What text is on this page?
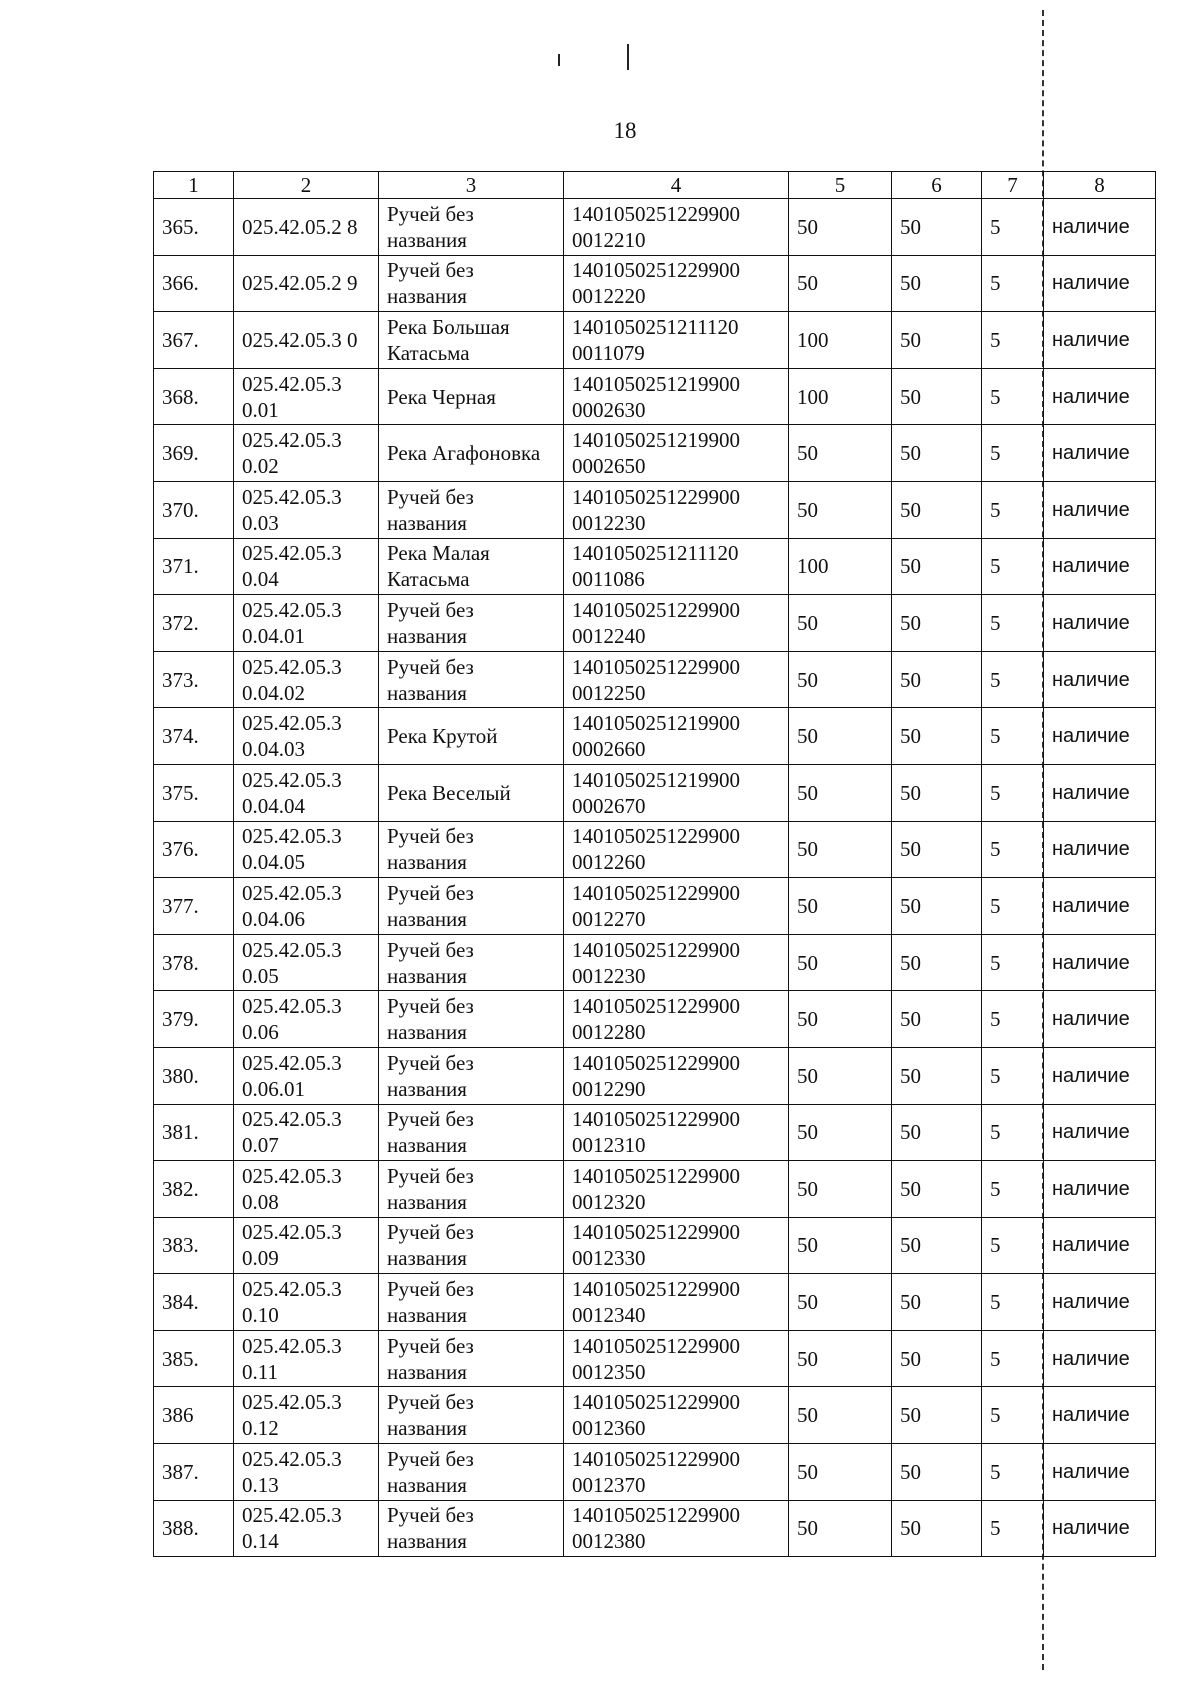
18
1	2	3	4	5	6	7	8
365.	025.42.05.2 8	Ручей без названия	1401050251229900 0012210	50	50	5	наличие
366.	025.42.05.2 9	Ручей без названия	1401050251229900 0012220	50	50	5	наличие
367.	025.42.05.3 0	Река Большая Катасьма	1401050251211120 0011079	100	50	5	наличие
368.	025.42.05.3 0.01	Река Черная	1401050251219900 0002630	100	50	5	наличие
369.	025.42.05.3 0.02	Река Агафоновка	1401050251219900 0002650	50	50	5	наличие
370.	025.42.05.3 0.03	Ручей без названия	1401050251229900 0012230	50	50	5	наличие
371.	025.42.05.3 0.04	Река Малая Катасьма	1401050251211120 0011086	100	50	5	наличие
372.	025.42.05.3 0.04.01	Ручей без названия	1401050251229900 0012240	50	50	5	наличие
373.	025.42.05.3 0.04.02	Ручей без названия	1401050251229900 0012250	50	50	5	наличие
374.	025.42.05.3 0.04.03	Река Крутой	1401050251219900 0002660	50	50	5	наличие
375.	025.42.05.3 0.04.04	Река Веселый	1401050251219900 0002670	50	50	5	наличие
376.	025.42.05.3 0.04.05	Ручей без названия	1401050251229900 0012260	50	50	5	наличие
377.	025.42.05.3 0.04.06	Ручей без названия	1401050251229900 0012270	50	50	5	наличие
378.	025.42.05.3 0.05	Ручей без названия	1401050251229900 0012230	50	50	5	наличие
379.	025.42.05.3 0.06	Ручей без названия	1401050251229900 0012280	50	50	5	наличие
380.	025.42.05.3 0.06.01	Ручей без названия	1401050251229900 0012290	50	50	5	наличие
381.	025.42.05.3 0.07	Ручей без названия	1401050251229900 0012310	50	50	5	наличие
382.	025.42.05.3 0.08	Ручей без названия	1401050251229900 0012320	50	50	5	наличие
383.	025.42.05.3 0.09	Ручей без названия	1401050251229900 0012330	50	50	5	наличие
384.	025.42.05.3 0.10	Ручей без названия	1401050251229900 0012340	50	50	5	наличие
385.	025.42.05.3 0.11	Ручей без названия	1401050251229900 0012350	50	50	5	наличие
386	025.42.05.3 0.12	Ручей без названия	1401050251229900 0012360	50	50	5	наличие
387.	025.42.05.3 0.13	Ручей без названия	1401050251229900 0012370	50	50	5	наличие
388.	025.42.05.3 0.14	Ручей без названия	1401050251229900 0012380	50	50	5	наличие
